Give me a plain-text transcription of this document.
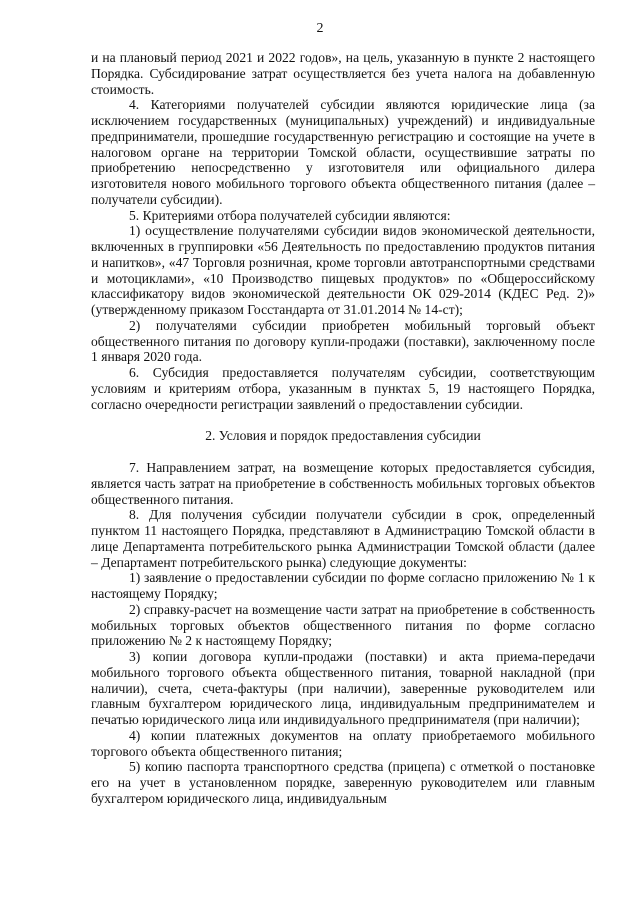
2

и на плановый период 2021 и 2022 годов», на цель, указанную в пункте 2 настоящего Порядка. Субсидирование затрат осуществляется без учета налога на добавленную стоимость.

4. Категориями получателей субсидии являются юридические лица (за исключением государственных (муниципальных) учреждений) и индивидуальные предприниматели, прошедшие государственную регистрацию и состоящие на учете в налоговом органе на территории Томской области, осуществившие затраты по приобретению непосредственно у изготовителя или официального дилера изготовителя нового мобильного торгового объекта общественного питания (далее – получатели субсидии).

5. Критериями отбора получателей субсидии являются:

1) осуществление получателями субсидии видов экономической деятельности, включенных в группировки «56 Деятельность по предоставлению продуктов питания и напитков», «47 Торговля розничная, кроме торговли автотранспортными средствами и мотоциклами», «10 Производство пищевых продуктов» по «Общероссийскому классификатору видов экономической деятельности ОК 029-2014 (КДЕС Ред. 2)» (утвержденному приказом Госстандарта от 31.01.2014 № 14-ст);

2) получателями субсидии приобретен мобильный торговый объект общественного питания по договору купли-продажи (поставки), заключенному после 1 января 2020 года.

6. Субсидия предоставляется получателям субсидии, соответствующим условиям и критериям отбора, указанным в пунктах 5, 19 настоящего Порядка, согласно очередности регистрации заявлений о предоставлении субсидии.

2. Условия и порядок предоставления субсидии

7. Направлением затрат, на возмещение которых предоставляется субсидия, является часть затрат на приобретение в собственность мобильных торговых объектов общественного питания.

8. Для получения субсидии получатели субсидии в срок, определенный пунктом 11 настоящего Порядка, представляют в Администрацию Томской области в лице Департамента потребительского рынка Администрации Томской области (далее – Департамент потребительского рынка) следующие документы:

1) заявление о предоставлении субсидии по форме согласно приложению № 1 к настоящему Порядку;

2) справку-расчет на возмещение части затрат на приобретение в собственность мобильных торговых объектов общественного питания по форме согласно приложению № 2 к настоящему Порядку;

3) копии договора купли-продажи (поставки) и акта приема-передачи мобильного торгового объекта общественного питания, товарной накладной (при наличии), счета, счета-фактуры (при наличии), заверенные руководителем или главным бухгалтером юридического лица, индивидуальным предпринимателем и печатью юридического лица или индивидуального предпринимателя (при наличии);

4) копии платежных документов на оплату приобретаемого мобильного торгового объекта общественного питания;

5) копию паспорта транспортного средства (прицепа) с отметкой о постановке его на учет в установленном порядке, заверенную руководителем или главным бухгалтером юридического лица, индивидуальным
